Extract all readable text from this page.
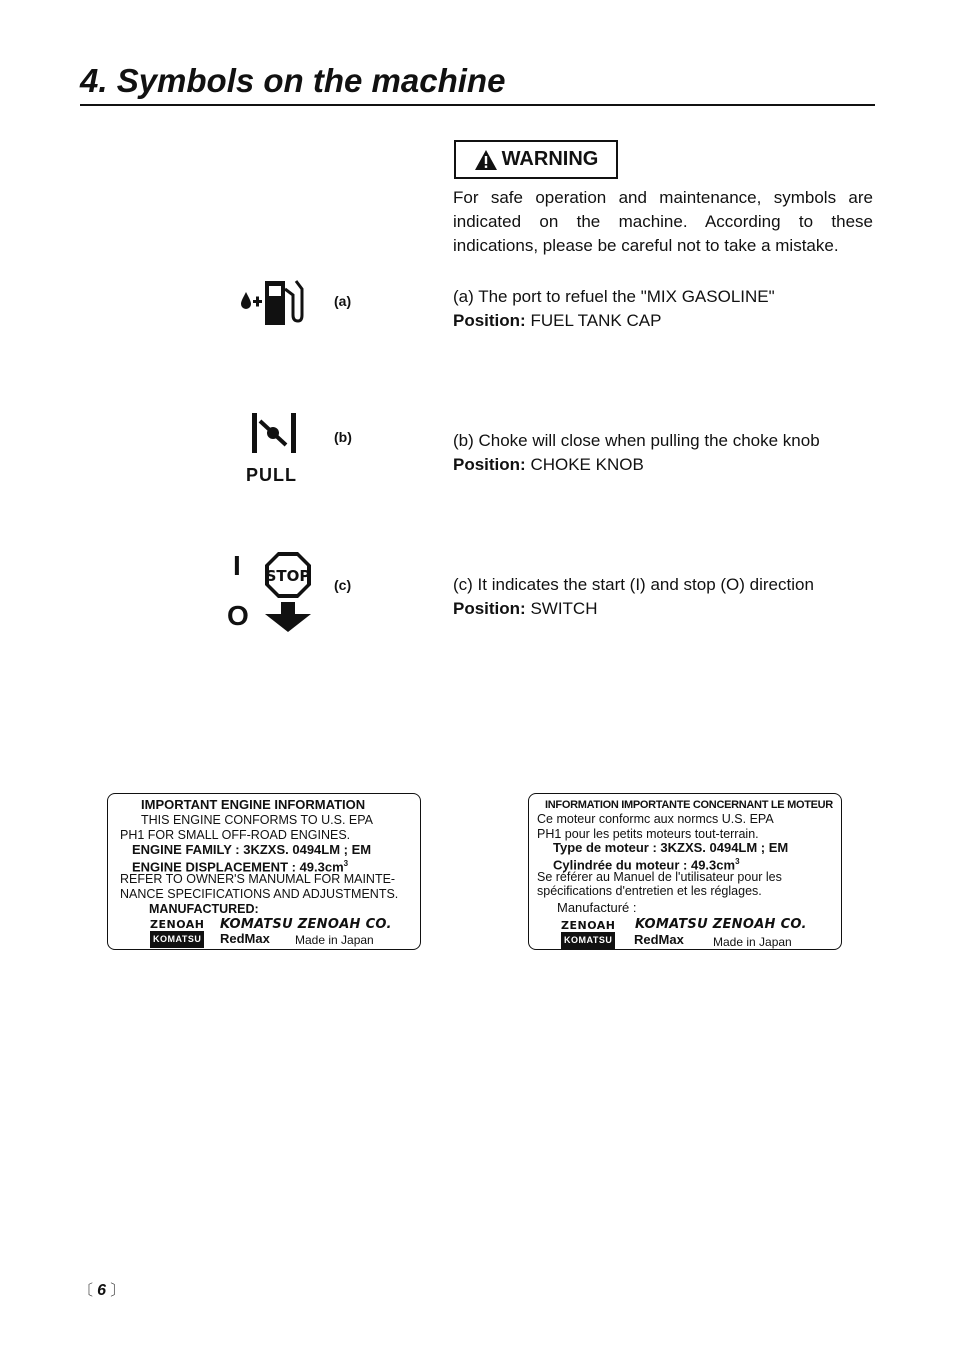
4. Symbols on the machine
WARNING
For safe operation and maintenance, symbols are indicated on the machine. According to these indications, please be careful not to take a mistake.
(a)	(a) The port to refuel the "MIX GASOLINE"
Position: FUEL TANK CAP
PULL
(b)	(b) Choke will close when pulling the choke knob
Position: CHOKE KNOB
I
O
STOP (c)	(c) It indicates the start (I) and stop (O) direction
Position: SWITCH
IMPORTANT ENGINE INFORMATION
THIS ENGINE CONFORMS TO U.S. EPA
PH1 FOR SMALL OFF-ROAD ENGINES.
ENGINE FAMILY : 3KZXS. 0494LM ; EM
ENGINE DISPLACEMENT : $49.3cm^3$
REFER TO OWNER'S MANUMAL FOR MAINTE-
NANCE SPECIFICATIONS AND ADJUSTMENTS.
MANUFACTURED:
ZENOAH
KOMATSU
KOMATSU ZENOAH CO.
RedMax Made in Japan
INFORMATION IMPORTANTE CONCERNANT LE MOTEUR
Ce moteur conformc aux normcs U.S. EPA
PH1 pour les petits moteurs tout-terrain.
Type de moteur : 3KZXS. 0494LM ; EM
Cylindrée du moteur : $49.3cm^3$
Se référer au Manuel de l'utilisateur pour les
spécifications d'entretien et les réglages.
Manufacturé :
ZENOAH
KOMATSU
KOMATSU ZENOAH CO.
RedMax Made in Japan
〔 6 〕
